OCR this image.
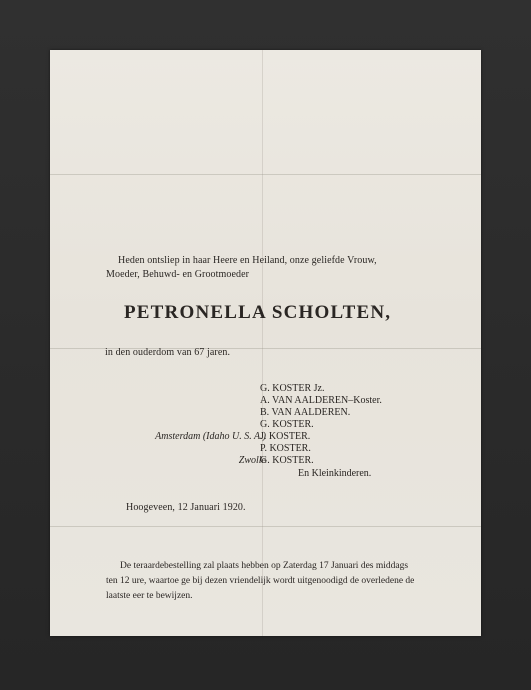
Heden ontsliep in haar Heere en Heiland, onze geliefde Vrouw,
Moeder, Behuwd- en Grootmoeder
PETRONELLA SCHOLTEN,
in den ouderdom van 67 jaren.
Amsterdam (Idaho U. S. A.)
Zwolle
G. KOSTER Jz.
A. VAN AALDEREN–Koster.
B. VAN AALDEREN.
G. KOSTER.
J. KOSTER.
P. KOSTER.
G. KOSTER.
En Kleinkinderen.
Hoogeveen, 12 Januari 1920.
De teraardebestelling zal plaats hebben op Zaterdag 17 Januari des middags
ten 12 ure, waartoe ge bij dezen vriendelijk wordt uitgenoodigd de overledene de
laatste eer te bewijzen.
